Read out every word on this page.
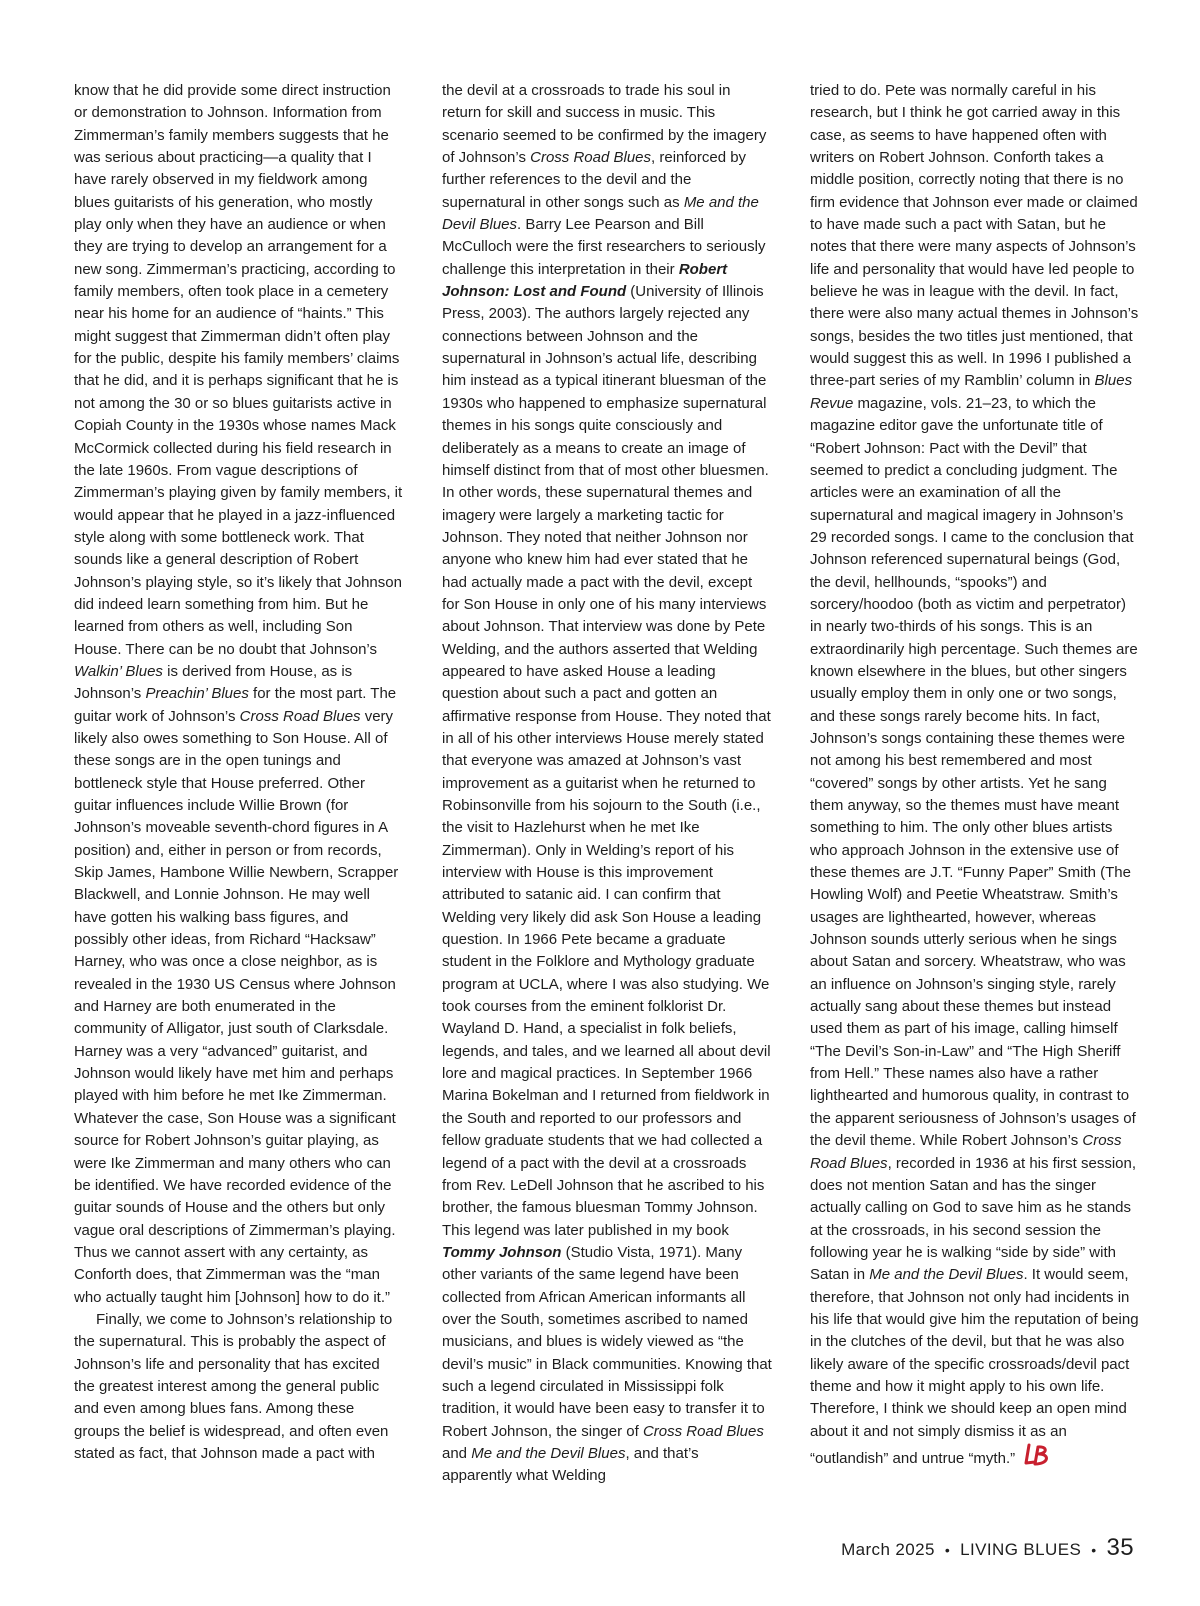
know that he did provide some direct instruction or demonstration to Johnson. Information from Zimmerman’s family members suggests that he was serious about practicing—a quality that I have rarely observed in my fieldwork among blues guitarists of his generation, who mostly play only when they have an audience or when they are trying to develop an arrangement for a new song. Zimmerman’s practicing, according to family members, often took place in a cemetery near his home for an audience of “haints.” This might suggest that Zimmerman didn’t often play for the public, despite his family members’ claims that he did, and it is perhaps significant that he is not among the 30 or so blues guitarists active in Copiah County in the 1930s whose names Mack McCormick collected during his field research in the late 1960s. From vague descriptions of Zimmerman’s playing given by family members, it would appear that he played in a jazz-influenced style along with some bottleneck work. That sounds like a general description of Robert Johnson’s playing style, so it’s likely that Johnson did indeed learn something from him. But he learned from others as well, including Son House. There can be no doubt that Johnson’s Walkin’ Blues is derived from House, as is Johnson’s Preachin’ Blues for the most part. The guitar work of Johnson’s Cross Road Blues very likely also owes something to Son House. All of these songs are in the open tunings and bottleneck style that House preferred. Other guitar influences include Willie Brown (for Johnson’s moveable seventh-chord figures in A position) and, either in person or from records, Skip James, Hambone Willie Newbern, Scrapper Blackwell, and Lonnie Johnson. He may well have gotten his walking bass figures, and possibly other ideas, from Richard “Hacksaw” Harney, who was once a close neighbor, as is revealed in the 1930 US Census where Johnson and Harney are both enumerated in the community of Alligator, just south of Clarksdale. Harney was a very “advanced” guitarist, and Johnson would likely have met him and perhaps played with him before he met Ike Zimmerman. Whatever the case, Son House was a significant source for Robert Johnson’s guitar playing, as were Ike Zimmerman and many others who can be identified. We have recorded evidence of the guitar sounds of House and the others but only vague oral descriptions of Zimmerman’s playing. Thus we cannot assert with any certainty, as Conforth does, that Zimmerman was the “man who actually taught him [Johnson] how to do it.”

Finally, we come to Johnson’s relationship to the supernatural. This is probably the aspect of Johnson’s life and personality that has excited the greatest interest among the general public and even among blues fans. Among these groups the belief is widespread, and often even stated as fact, that Johnson made a pact with

the devil at a crossroads to trade his soul in return for skill and success in music. This scenario seemed to be confirmed by the imagery of Johnson’s Cross Road Blues, reinforced by further references to the devil and the supernatural in other songs such as Me and the Devil Blues. Barry Lee Pearson and Bill McCulloch were the first researchers to seriously challenge this interpretation in their Robert Johnson: Lost and Found (University of Illinois Press, 2003). The authors largely rejected any connections between Johnson and the supernatural in Johnson’s actual life, describing him instead as a typical itinerant bluesman of the 1930s who happened to emphasize supernatural themes in his songs quite consciously and deliberately as a means to create an image of himself distinct from that of most other bluesmen. In other words, these supernatural themes and imagery were largely a marketing tactic for Johnson. They noted that neither Johnson nor anyone who knew him had ever stated that he had actually made a pact with the devil, except for Son House in only one of his many interviews about Johnson. That interview was done by Pete Welding, and the authors asserted that Welding appeared to have asked House a leading question about such a pact and gotten an affirmative response from House. They noted that in all of his other interviews House merely stated that everyone was amazed at Johnson’s vast improvement as a guitarist when he returned to Robinsonville from his sojourn to the South (i.e., the visit to Hazlehurst when he met Ike Zimmerman). Only in Welding’s report of his interview with House is this improvement attributed to satanic aid. I can confirm that Welding very likely did ask Son House a leading question. In 1966 Pete became a graduate student in the Folklore and Mythology graduate program at UCLA, where I was also studying. We took courses from the eminent folklorist Dr. Wayland D. Hand, a specialist in folk beliefs, legends, and tales, and we learned all about devil lore and magical practices. In September 1966 Marina Bokelman and I returned from fieldwork in the South and reported to our professors and fellow graduate students that we had collected a legend of a pact with the devil at a crossroads from Rev. LeDell Johnson that he ascribed to his brother, the famous bluesman Tommy Johnson. This legend was later published in my book Tommy Johnson (Studio Vista, 1971). Many other variants of the same legend have been collected from African American informants all over the South, sometimes ascribed to named musicians, and blues is widely viewed as “the devil’s music” in Black communities. Knowing that such a legend circulated in Mississippi folk tradition, it would have been easy to transfer it to Robert Johnson, the singer of Cross Road Blues and Me and the Devil Blues, and that’s apparently what Welding

tried to do. Pete was normally careful in his research, but I think he got carried away in this case, as seems to have happened often with writers on Robert Johnson. Conforth takes a middle position, correctly noting that there is no firm evidence that Johnson ever made or claimed to have made such a pact with Satan, but he notes that there were many aspects of Johnson’s life and personality that would have led people to believe he was in league with the devil. In fact, there were also many actual themes in Johnson’s songs, besides the two titles just mentioned, that would suggest this as well. In 1996 I published a three-part series of my Ramblin’ column in Blues Revue magazine, vols. 21–23, to which the magazine editor gave the unfortunate title of “Robert Johnson: Pact with the Devil” that seemed to predict a concluding judgment. The articles were an examination of all the supernatural and magical imagery in Johnson’s 29 recorded songs. I came to the conclusion that Johnson referenced supernatural beings (God, the devil, hellhounds, “spooks”) and sorcery/hoodoo (both as victim and perpetrator) in nearly two-thirds of his songs. This is an extraordinarily high percentage. Such themes are known elsewhere in the blues, but other singers usually employ them in only one or two songs, and these songs rarely become hits. In fact, Johnson’s songs containing these themes were not among his best remembered and most “covered” songs by other artists. Yet he sang them anyway, so the themes must have meant something to him. The only other blues artists who approach Johnson in the extensive use of these themes are J.T. “Funny Paper” Smith (The Howling Wolf) and Peetie Wheatstraw. Smith’s usages are lighthearted, however, whereas Johnson sounds utterly serious when he sings about Satan and sorcery. Wheatstraw, who was an influence on Johnson’s singing style, rarely actually sang about these themes but instead used them as part of his image, calling himself “The Devil’s Son-in-Law” and “The High Sheriff from Hell.” These names also have a rather lighthearted and humorous quality, in contrast to the apparent seriousness of Johnson’s usages of the devil theme. While Robert Johnson’s Cross Road Blues, recorded in 1936 at his first session, does not mention Satan and has the singer actually calling on God to save him as he stands at the crossroads, in his second session the following year he is walking “side by side” with Satan in Me and the Devil Blues. It would seem, therefore, that Johnson not only had incidents in his life that would give him the reputation of being in the clutches of the devil, but that he was also likely aware of the specific crossroads/devil pact theme and how it might apply to his own life. Therefore, I think we should keep an open mind about it and not simply dismiss it as an “outlandish” and untrue “myth.”

March 2025 • LIVING BLUES • 35
